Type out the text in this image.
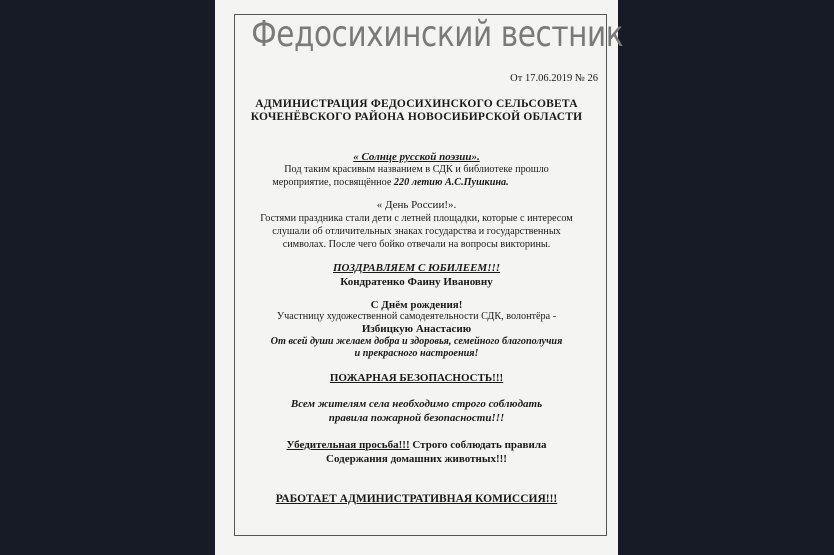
Федосихинский вестник
От 17.06.2019 № 26
АДМИНИСТРАЦИЯ ФЕДОСИХИНСКОГО СЕЛЬСОВЕТА
КОЧЕНЁВСКОГО РАЙОНА НОВОСИБИРСКОЙ ОБЛАСТИ
« Солнце русской поэзии».
Под таким красивым названием в СДК и библиотеке прошло
мероприятие, посвящённое 220 летию А.С.Пушкина.
« День России!».
Гостями праздника стали дети с летней площадки, которые с интересом
слушали об отличительных знаках государства и государственных
символах. После чего бойко отвечали на вопросы викторины.
ПОЗДРАВЛЯЕМ С ЮБИЛЕЕМ!!!
Кондратенко Фаину Ивановну
С Днём рождения!
Участницу художественной самодеятельности СДК, волонтёра -
Избицкую Анастасию
От всей души желаем добра и здоровья, семейного благополучия
и прекрасного настроения!
ПОЖАРНАЯ БЕЗОПАСНОСТЬ!!!
Всем жителям села необходимо строго соблюдать
правила пожарной безопасности!!!
Убедительная просьба!!! Строго соблюдать правила
Содержания домашних животных!!!
РАБОТАЕТ АДМИНИСТРАТИВНАЯ КОМИССИЯ!!!
